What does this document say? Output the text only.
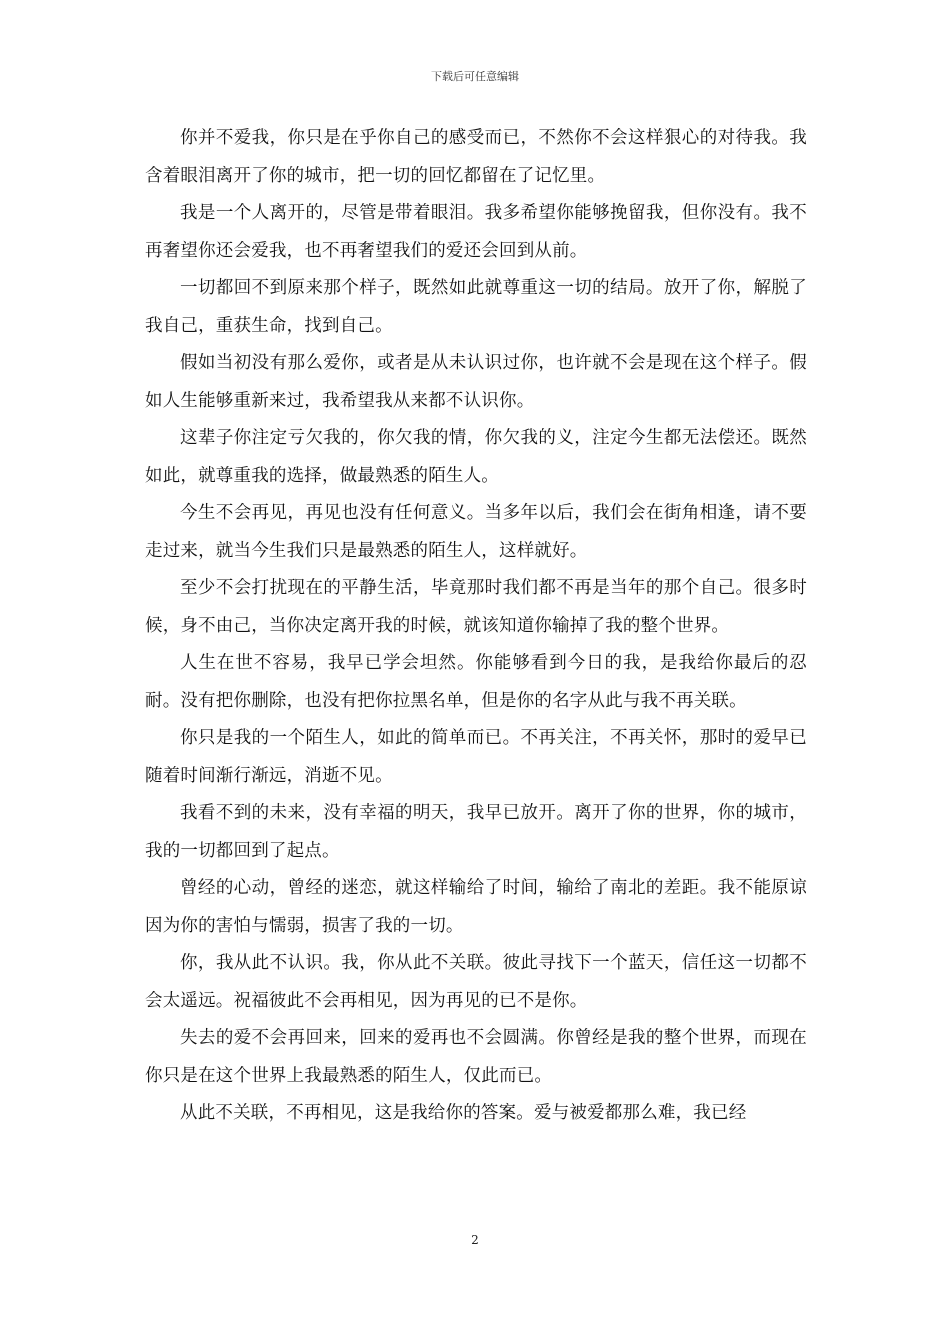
下载后可任意编辑

你并不爱我，你只是在乎你自己的感受而已，不然你不会这样狠心的对待我。我含着眼泪离开了你的城市，把一切的回忆都留在了记忆里。

我是一个人离开的，尽管是带着眼泪。我多希望你能够挽留我，但你没有。我不再奢望你还会爱我，也不再奢望我们的爱还会回到从前。

一切都回不到原来那个样子，既然如此就尊重这一切的结局。放开了你，解脱了我自己，重获生命，找到自己。

假如当初没有那么爱你，或者是从未认识过你，也许就不会是现在这个样子。假如人生能够重新来过，我希望我从来都不认识你。

这辈子你注定亏欠我的，你欠我的情，你欠我的义，注定今生都无法偿还。既然如此，就尊重我的选择，做最熟悉的陌生人。

今生不会再见，再见也没有任何意义。当多年以后，我们会在街角相逢，请不要走过来，就当今生我们只是最熟悉的陌生人，这样就好。

至少不会打扰现在的平静生活，毕竟那时我们都不再是当年的那个自己。很多时候，身不由己，当你决定离开我的时候，就该知道你输掉了我的整个世界。

人生在世不容易，我早已学会坦然。你能够看到今日的我，是我给你最后的忍耐。没有把你删除，也没有把你拉黑名单，但是你的名字从此与我不再关联。

你只是我的一个陌生人，如此的简单而已。不再关注，不再关怀，那时的爱早已随着时间渐行渐远，消逝不见。

我看不到的未来，没有幸福的明天，我早已放开。离开了你的世界，你的城市，我的一切都回到了起点。

曾经的心动，曾经的迷恋，就这样输给了时间，输给了南北的差距。我不能原谅因为你的害怕与懦弱，损害了我的一切。

你，我从此不认识。我，你从此不关联。彼此寻找下一个蓝天，信任这一切都不会太遥远。祝福彼此不会再相见，因为再见的已不是你。

失去的爱不会再回来，回来的爱再也不会圆满。你曾经是我的整个世界，而现在你只是在这个世界上我最熟悉的陌生人，仅此而已。

从此不关联，不再相见，这是我给你的答案。爱与被爱都那么难，我已经

2
